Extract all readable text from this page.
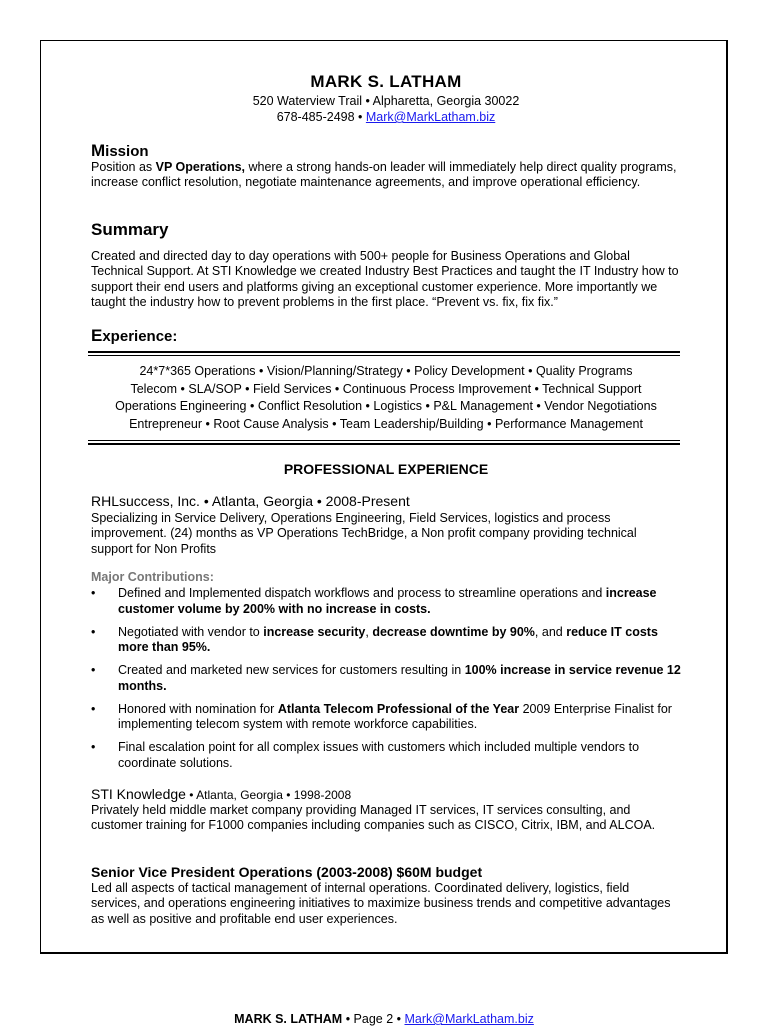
MARK S. LATHAM
520 Waterview Trail • Alpharetta, Georgia 30022
678-485-2498 • Mark@MarkLatham.biz
Mission
Position as VP Operations, where a strong hands-on leader will immediately help direct quality programs, increase conflict resolution, negotiate maintenance agreements, and improve operational efficiency.
Summary
Created and directed day to day operations with 500+ people for Business Operations and Global Technical Support. At STI Knowledge we created Industry Best Practices and taught the IT Industry how to support their end users and platforms giving an exceptional customer experience. More importantly we taught the industry how to prevent problems in the first place. “Prevent vs. fix, fix fix.”
Experience:
24*7*365 Operations • Vision/Planning/Strategy • Policy Development • Quality Programs
Telecom • SLA/SOP • Field Services • Continuous Process Improvement • Technical Support
Operations Engineering • Conflict Resolution • Logistics • P&L Management • Vendor Negotiations
Entrepreneur • Root Cause Analysis • Team Leadership/Building • Performance Management
PROFESSIONAL EXPERIENCE
RHLsuccess, Inc. • Atlanta, Georgia • 2008-Present
Specializing in Service Delivery, Operations Engineering, Field Services, logistics and process improvement. (24) months as VP Operations TechBridge, a Non profit company providing technical support for Non Profits
Major Contributions:
• Defined and Implemented dispatch workflows and process to streamline operations and increase customer volume by 200% with no increase in costs.
• Negotiated with vendor to increase security, decrease downtime by 90%, and reduce IT costs more than 95%.
• Created and marketed new services for customers resulting in 100% increase in service revenue 12 months.
• Honored with nomination for Atlanta Telecom Professional of the Year 2009 Enterprise Finalist for implementing telecom system with remote workforce capabilities.
• Final escalation point for all complex issues with customers which included multiple vendors to coordinate solutions.
STI Knowledge • Atlanta, Georgia • 1998-2008
Privately held middle market company providing Managed IT services, IT services consulting, and customer training for F1000 companies including companies such as CISCO, Citrix, IBM, and ALCOA.
Senior Vice President Operations (2003-2008) $60M budget
Led all aspects of tactical management of internal operations. Coordinated delivery, logistics, field services, and operations engineering initiatives to maximize business trends and competitive advantages as well as positive and profitable end user experiences.
MARK S. LATHAM • Page 2 • Mark@MarkLatham.biz
